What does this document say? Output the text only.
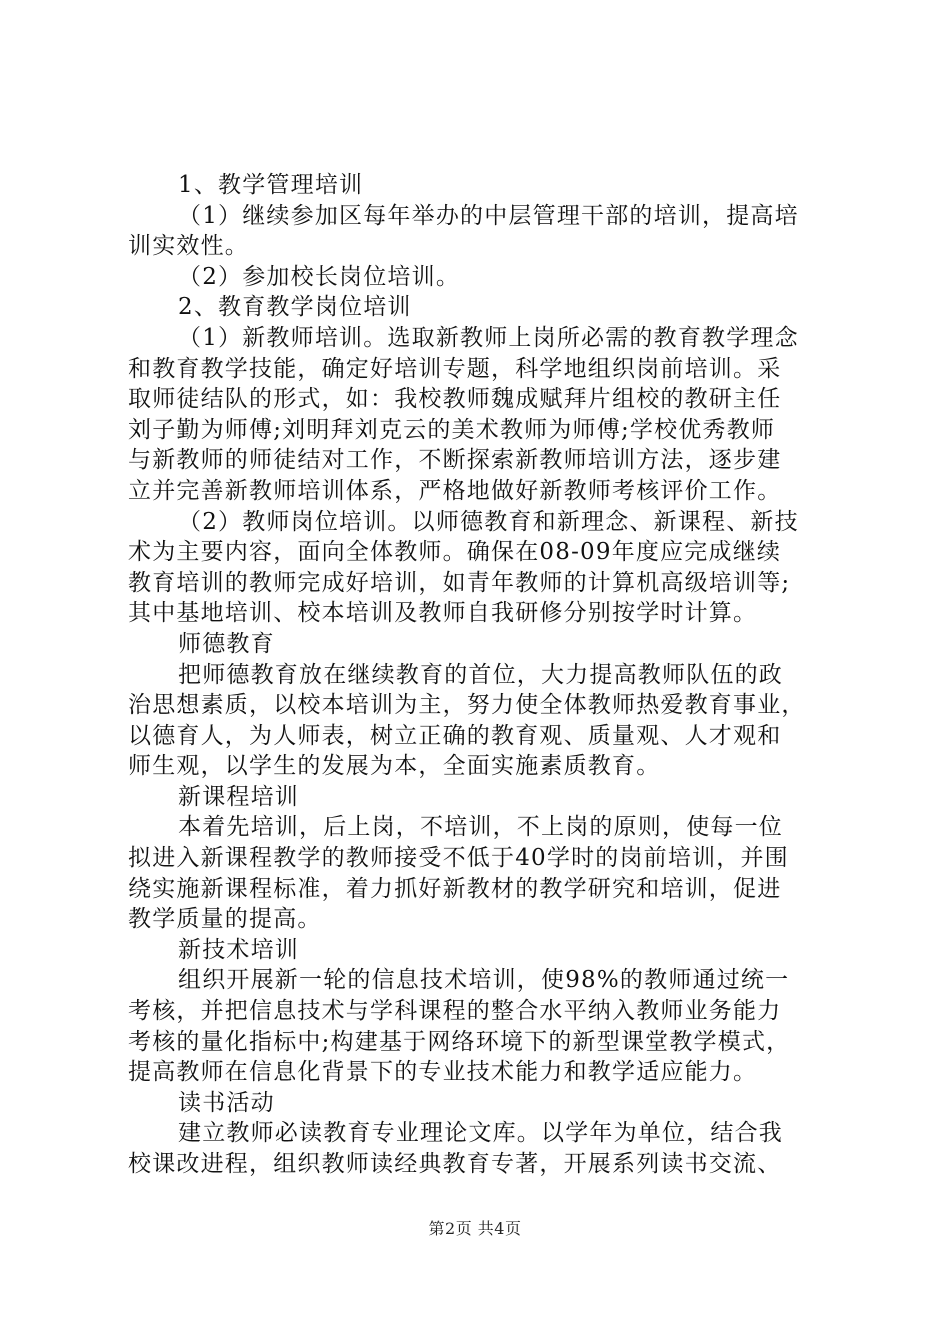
1、教学管理培训
（1）继续参加区每年举办的中层管理干部的培训，提高培
训实效性。
（2）参加校长岗位培训。
2、教育教学岗位培训
（1）新教师培训。选取新教师上岗所必需的教育教学理念
和教育教学技能，确定好培训专题，科学地组织岗前培训。采
取师徒结队的形式，如：我校教师魏成赋拜片组校的教研主任
刘子勤为师傅;刘明拜刘克云的美术教师为师傅;学校优秀教师
与新教师的师徒结对工作，不断探索新教师培训方法，逐步建
立并完善新教师培训体系，严格地做好新教师考核评价工作。
（2）教师岗位培训。以师德教育和新理念、新课程、新技
术为主要内容，面向全体教师。确保在08-09年度应完成继续
教育培训的教师完成好培训，如青年教师的计算机高级培训等;
其中基地培训、校本培训及教师自我研修分别按学时计算。
师德教育
把师德教育放在继续教育的首位，大力提高教师队伍的政
治思想素质，以校本培训为主，努力使全体教师热爱教育事业，
以德育人，为人师表，树立正确的教育观、质量观、人才观和
师生观，以学生的发展为本，全面实施素质教育。
新课程培训
本着先培训，后上岗，不培训，不上岗的原则，使每一位
拟进入新课程教学的教师接受不低于40学时的岗前培训，并围
绕实施新课程标准，着力抓好新教材的教学研究和培训，促进
教学质量的提高。
新技术培训
组织开展新一轮的信息技术培训，使98%的教师通过统一
考核，并把信息技术与学科课程的整合水平纳入教师业务能力
考核的量化指标中;构建基于网络环境下的新型课堂教学模式，
提高教师在信息化背景下的专业技术能力和教学适应能力。
读书活动
建立教师必读教育专业理论文库。以学年为单位，结合我
校课改进程，组织教师读经典教育专著，开展系列读书交流、
第2页 共4页
